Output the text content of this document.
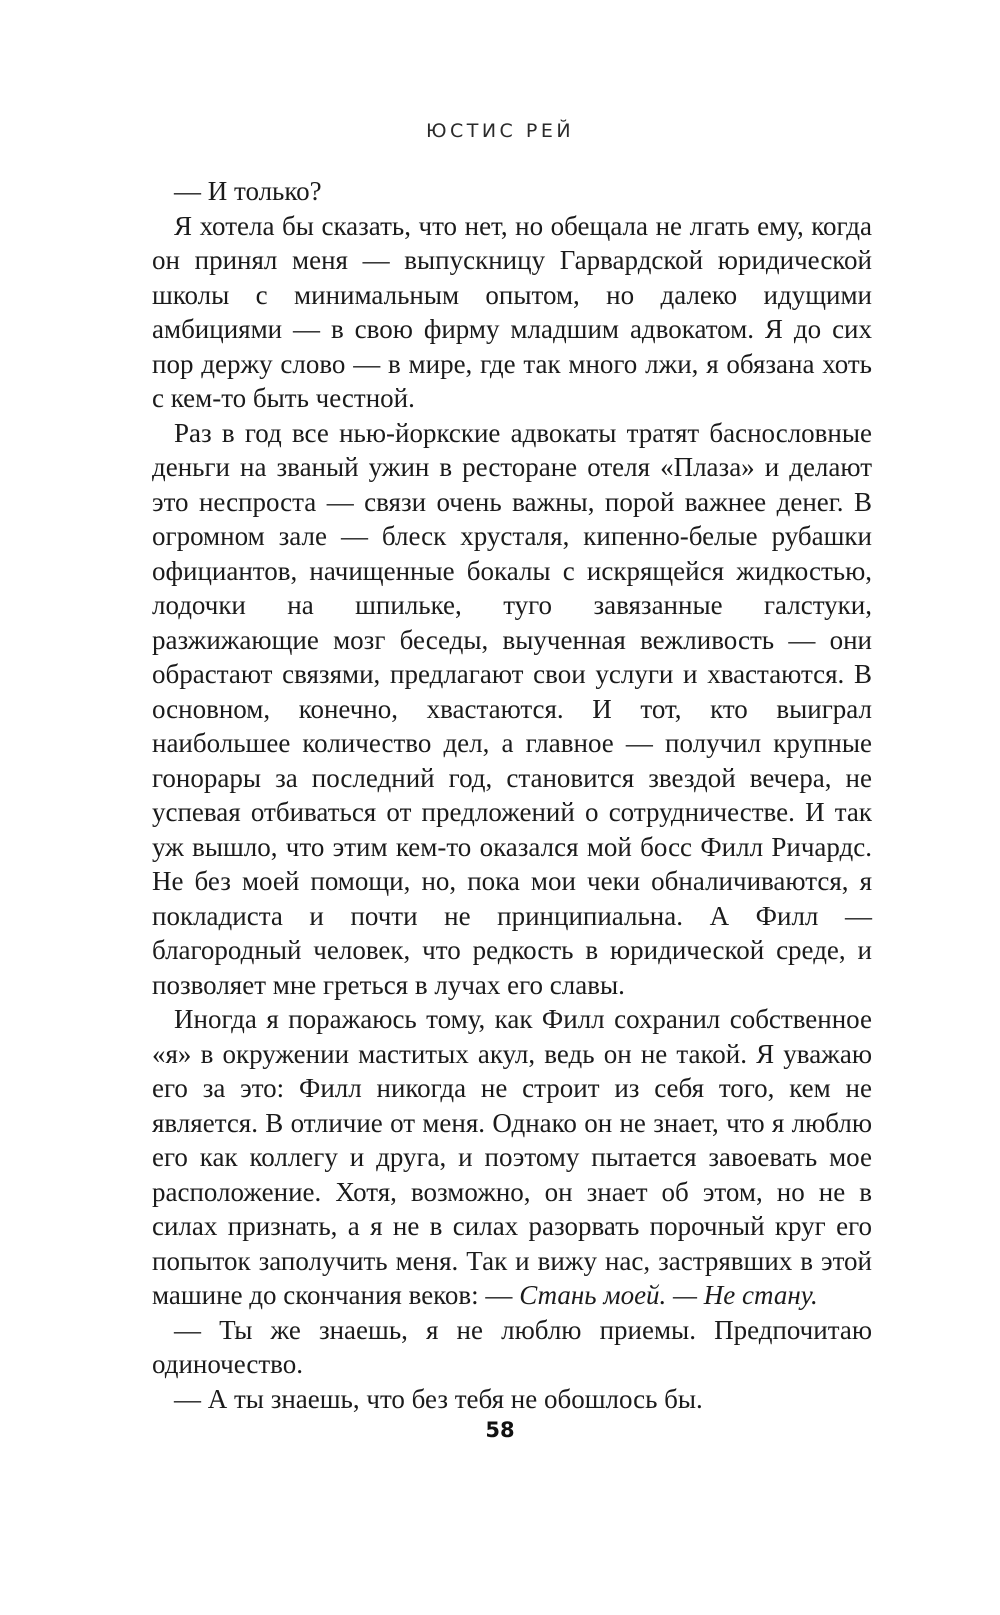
ЮСТИС РЕЙ

— И только?

Я хотела бы сказать, что нет, но обещала не лгать ему, когда он принял меня — выпускницу Гарвардской юридической школы с минимальным опытом, но далеко идущими амбициями — в свою фирму младшим адвокатом. Я до сих пор держу слово — в мире, где так много лжи, я обязана хоть с кем-то быть честной.

Раз в год все нью-йоркские адвокаты тратят баснословные деньги на званый ужин в ресторане отеля «Плаза» и делают это неспроста — связи очень важны, порой важнее денег. В огромном зале — блеск хрусталя, кипенно-белые рубашки официантов, начищенные бокалы с искрящейся жидкостью, лодочки на шпильке, туго завязанные галстуки, разжижающие мозг беседы, выученная вежливость — они обрастают связями, предлагают свои услуги и хвастаются. В основном, конечно, хвастаются. И тот, кто выиграл наибольшее количество дел, а главное — получил крупные гонорары за последний год, становится звездой вечера, не успевая отбиваться от предложений о сотрудничестве. И так уж вышло, что этим кем-то оказался мой босс Филл Ричардс. Не без моей помощи, но, пока мои чеки обналичиваются, я покладиста и почти не принципиальна. А Филл — благородный человек, что редкость в юридической среде, и позволяет мне греться в лучах его славы.

Иногда я поражаюсь тому, как Филл сохранил собственное «я» в окружении маститых акул, ведь он не такой. Я уважаю его за это: Филл никогда не строит из себя того, кем не является. В отличие от меня. Однако он не знает, что я люблю его как коллегу и друга, и поэтому пытается завоевать мое расположение. Хотя, возможно, он знает об этом, но не в силах признать, а я не в силах разорвать порочный круг его попыток заполучить меня. Так и вижу нас, застрявших в этой машине до скончания веков: — Стань моей. — Не стану.

— Ты же знаешь, я не люблю приемы. Предпочитаю одиночество.

— А ты знаешь, что без тебя не обошлось бы.

58
